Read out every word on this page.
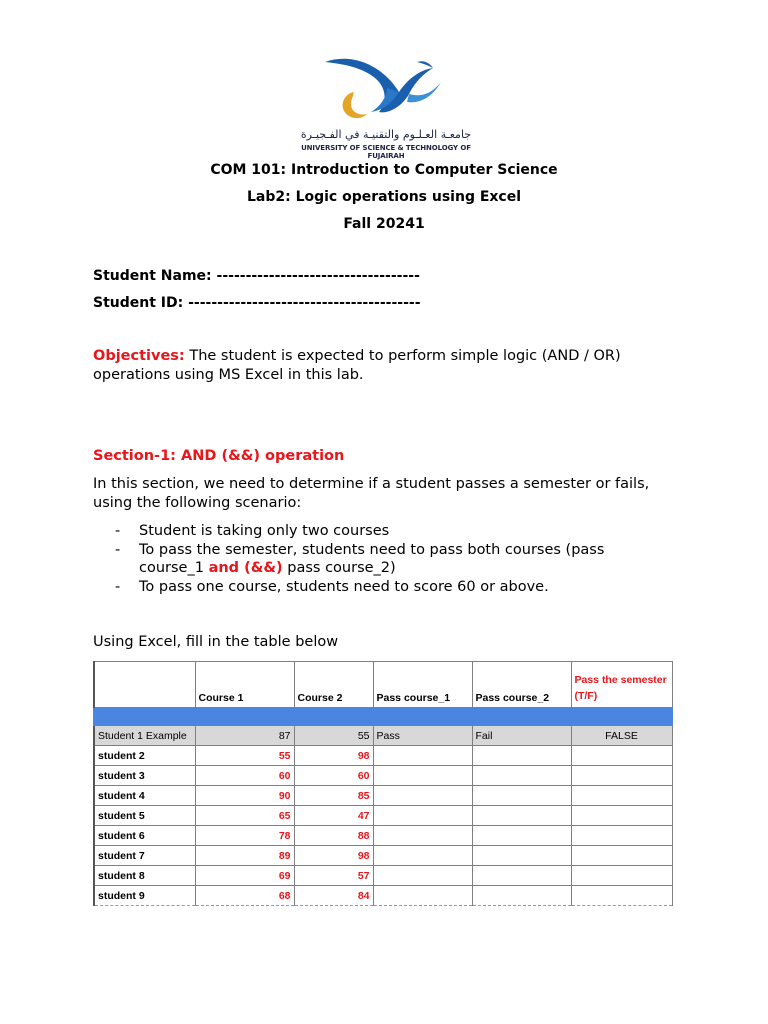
جامعـة العـلـوم والتقنيـة في الفـجيـرة
UNIVERSITY OF SCIENCE & TECHNOLOGY OF FUJAIRAH
COM 101: Introduction to Computer Science
Lab2: Logic operations using Excel
Fall 20241
Student Name: -----------------------------------
Student ID: ----------------------------------------
Objectives: The student is expected to perform simple logic (AND / OR) operations using MS Excel in this lab.
Section-1: AND (&&) operation
In this section, we need to determine if a student passes a semester or fails, using the following scenario:
- Student is taking only two courses
- To pass the semester, students need to pass both courses (pass course_1 and (&&) pass course_2)
- To pass one course, students need to score 60 or above.
Using Excel, fill in the table below
	Course 1	Course 2	Pass course_1	Pass course_2	Pass the semester (T/F)

Student 1 Example	87	55	Pass	Fail	FALSE
student 2	55	98			
student 3	60	60			
student 4	90	85			
student 5	65	47			
student 6	78	88			
student 7	89	98			
student 8	69	57			
student 9	68	84			
